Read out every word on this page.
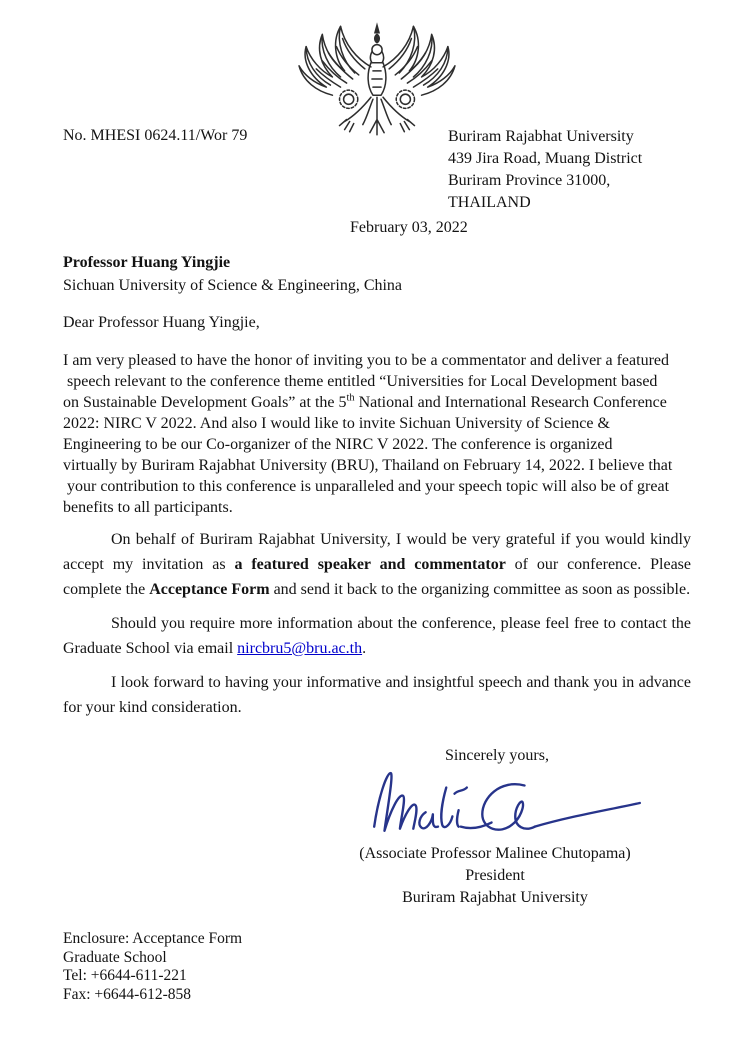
No. MHESI 0624.11/Wor 79	Buriram Rajabhat University
439 Jira Road, Muang District
Buriram Province 31000,
THAILAND
February 03, 2022
Professor Huang Yingjie
Sichuan University of Science & Engineering, China
Dear Professor Huang Yingjie,
I am very pleased to have the honor of inviting you to be a commentator and deliver a featured
speech relevant to the conference theme entitled “Universities for Local Development based
on Sustainable Development Goals” at the 5th National and International Research Conference
2022: NIRC V 2022. And also I would like to invite Sichuan University of Science &
Engineering to be our Co-organizer of the NIRC V 2022. The conference is organized
virtually by Buriram Rajabhat University (BRU), Thailand on February 14, 2022. I believe that
your contribution to this conference is unparalleled and your speech topic will also be of great
benefits to all participants.
On behalf of Buriram Rajabhat University, I would be very grateful if you would kindly accept my invitation as a featured speaker and commentator of our conference. Please complete the Acceptance Form and send it back to the organizing committee as soon as possible.
Should you require more information about the conference, please feel free to contact the Graduate School via email nircbru5@bru.ac.th.
I look forward to having your informative and insightful speech and thank you in advance for your kind consideration.
Sincerely yours,
(Associate Professor Malinee Chutopama)
President
Buriram Rajabhat University
Enclosure: Acceptance Form
Graduate School
Tel: +6644-611-221
Fax: +6644-612-858
